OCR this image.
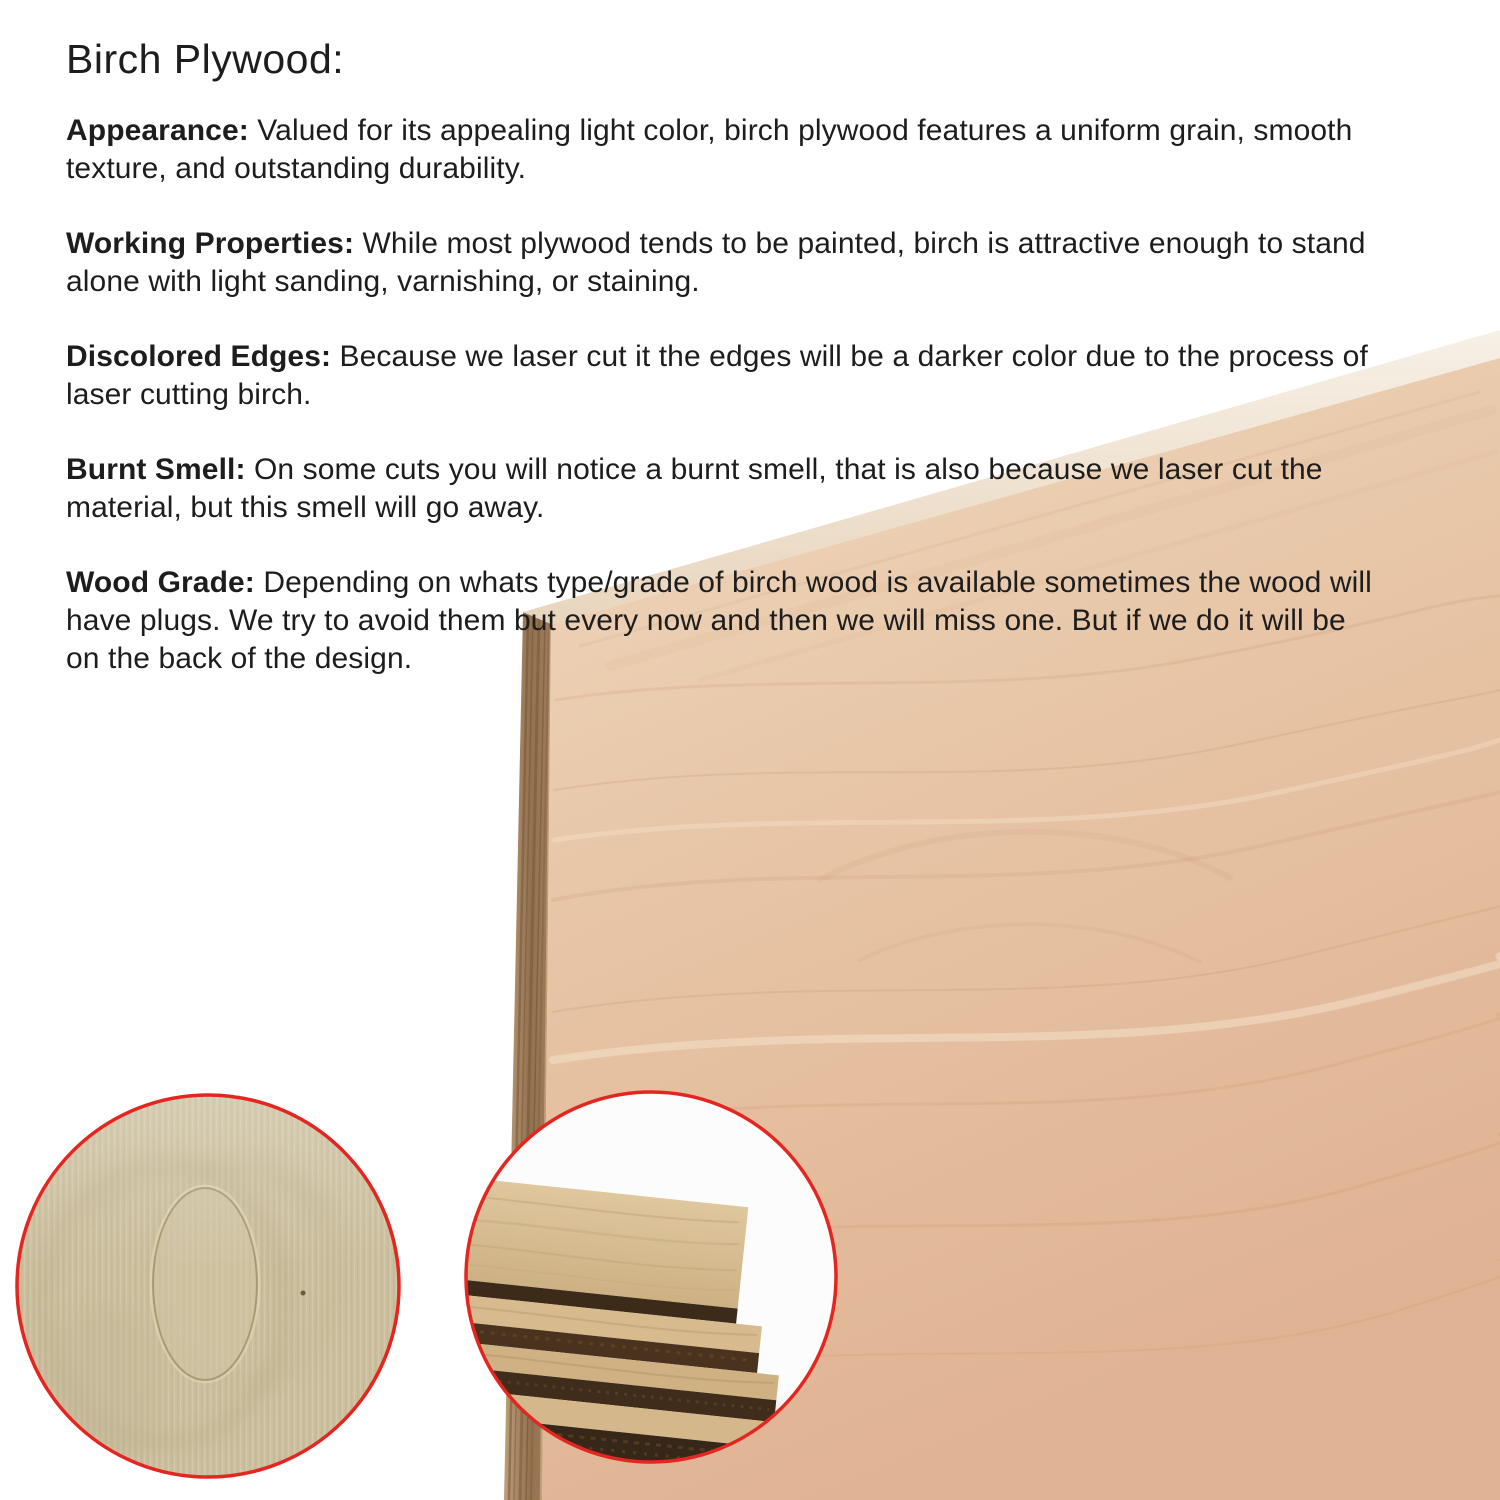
Birch Plywood:

Appearance: Valued for its appealing light color, birch plywood features a uniform grain, smooth

texture, and outstanding durability.

Working Properties: While most plywood tends to be painted, birch is attractive enough to stand

alone with light sanding, varnishing, or staining.

Discolored Edges: Because we laser cut it the edges will be a darker color due to the process of

laser cutting birch.

Burnt Smell: On some cuts you will notice a burnt smell, that is also because we laser cut the

material, but this smell will go away.

Wood Grade: Depending on whats type/grade of birch wood is available sometimes the wood will

have plugs. We try to avoid them but every now and then we will miss one. But if we do it will be

on the back of the design.
